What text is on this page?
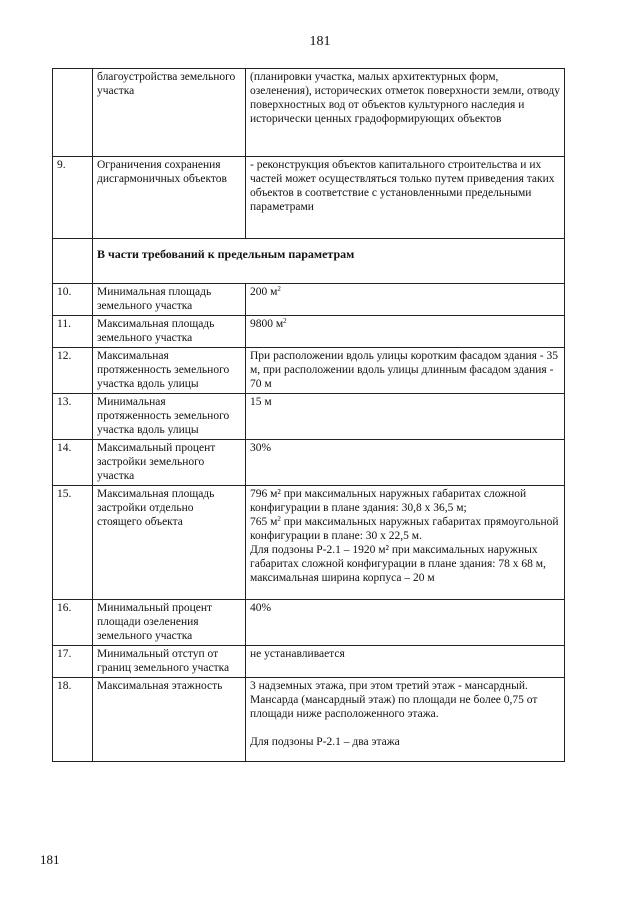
181
	благоустройства земельного участка	(планировки участка, малых архитектурных форм, озеленения), исторических отметок поверхности земли, отводу поверхностных вод от объектов культурного наследия и исторически ценных градоформирующих объектов
9.	Ограничения сохранения дисгармоничных объектов	- реконструкция объектов капитального строительства и их частей может осуществляться только путем приведения таких объектов в соответствие с установленными предельными параметрами
	В части требований к предельным параметрам	
10.	Минимальная площадь земельного участка	200 $м^2$
11.	Максимальная площадь земельного участка	9800 $м^2$
12.	Максимальная протяженность земельного участка вдоль улицы	При расположении вдоль улицы коротким фасадом здания - 35 м, при расположении вдоль улицы длинным фасадом здания - 70 м
13.	Минимальная протяженность земельного участка вдоль улицы	15 м
14.	Максимальный процент застройки земельного участка	30%
15.	Максимальная площадь застройки отдельно стоящего объекта	796 м² при максимальных наружных габаритах сложной конфигурации в плане здания: 30,8 х 36,5 м;
765 $м^2$ при максимальных наружных габаритах прямоугольной конфигурации в плане: 30 х 22,5 м.
Для подзоны Р-2.1 – 1920 м² при максимальных наружных габаритах сложной конфигурации в плане здания: 78 х 68 м, максимальная ширина корпуса – 20 м
16.	Минимальный процент площади озеленения земельного участка	40%
17.	Минимальный отступ от границ земельного участка	не устанавливается
18.	Максимальная этажность	3 надземных этажа, при этом третий этаж - мансардный. Мансарда (мансардный этаж) по площади не более 0,75 от площади ниже расположенного этажа.
Для подзоны Р-2.1 – два этажа
181
